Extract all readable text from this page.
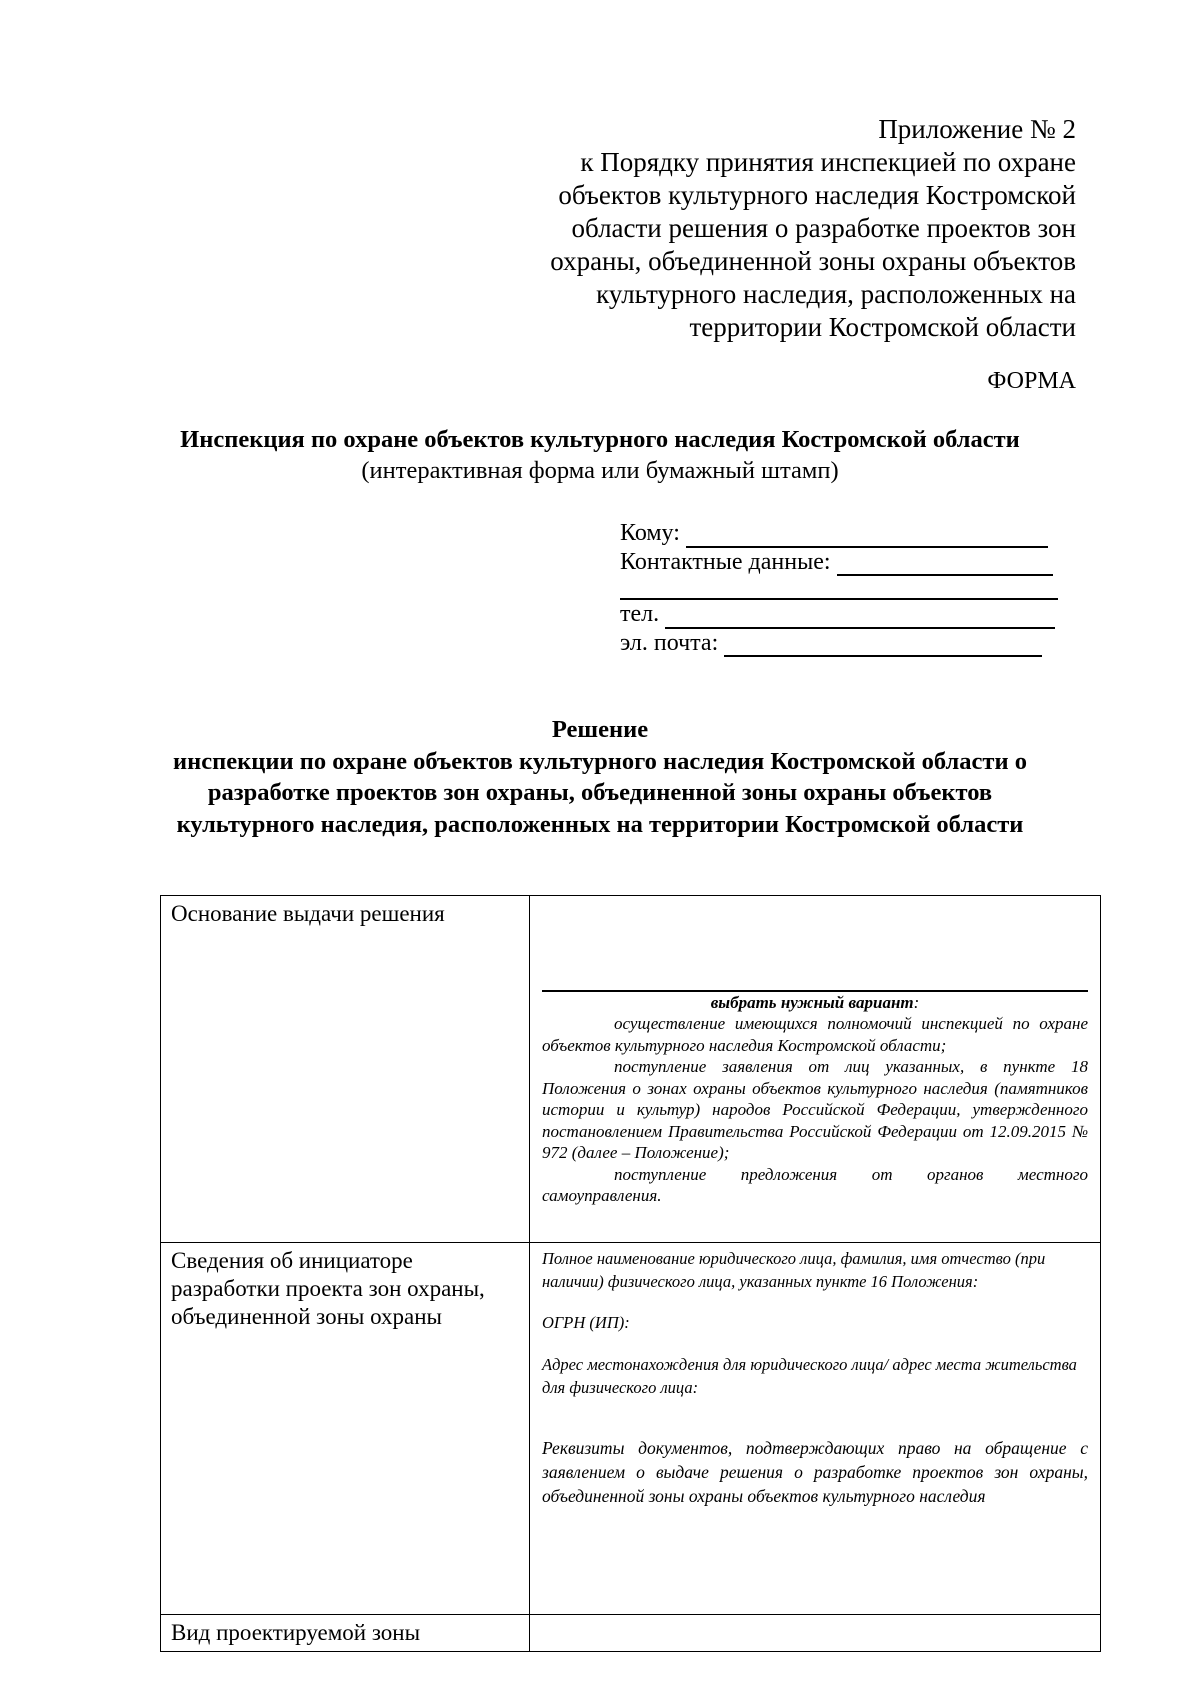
Приложение № 2
к Порядку принятия инспекцией по охране
объектов культурного наследия Костромской
области решения о разработке проектов зон
охраны, объединенной зоны охраны объектов
культурного наследия, расположенных на
территории Костромской области
ФОРМА
Инспекция по охране объектов культурного наследия Костромской области
(интерактивная форма или бумажный штамп)
Кому:
Контактные данные:
тел.
эл. почта:
Решение
инспекции по охране объектов культурного наследия Костромской области о
разработке проектов зон охраны, объединенной зоны охраны объектов
культурного наследия, расположенных на территории Костромской области
Основание выдачи решения	выбрать нужный вариант:

осуществление имеющихся полномочий инспекцией по охране объектов культурного наследия Костромской области;

поступление заявления от лиц указанных, в пункте 18 Положения о зонах охраны объектов культурного наследия (памятников истории и культур) народов Российской Федерации, утвержденного постановлением Правительства Российской Федерации от 12.09.2015 № 972 (далее – Положение);

поступление предложения от органов местного самоуправления.

Сведения об инициаторе разработки проекта зон охраны, объединенной зоны охраны	Полное наименование юридического лица, фамилия, имя отчество (при наличии) физического лица, указанных пункте 16 Положения:

ОГРН (ИП):

Адрес местонахождения для юридического лица/ адрес места жительства для физического лица:

Реквизиты документов, подтверждающих право на обращение с заявлением о выдаче решения о разработке проектов зон охраны, объединенной зоны охраны объектов культурного наследия

Вид проектируемой зоны	
